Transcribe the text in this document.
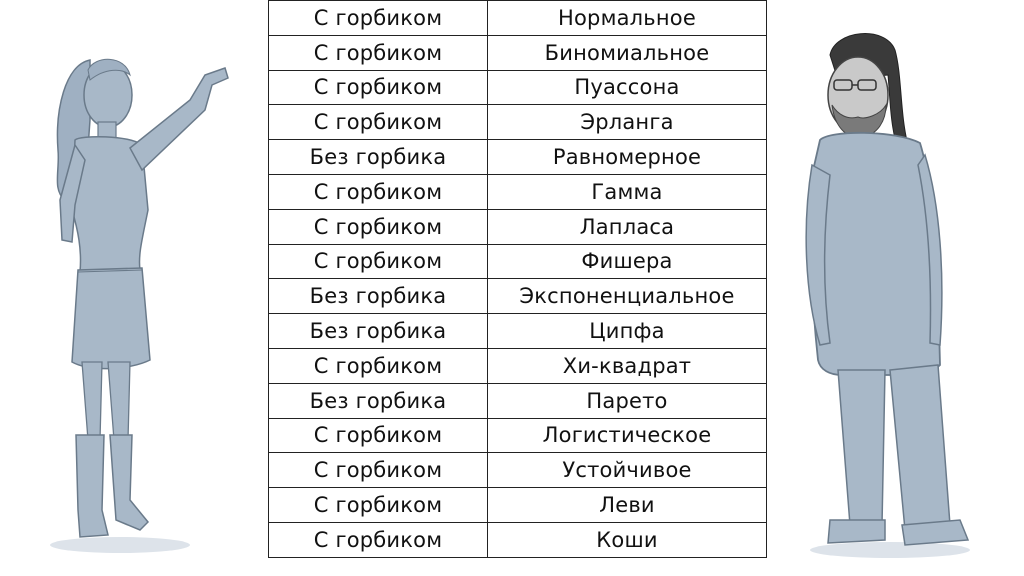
С горбиком	Нормальное
С горбиком	Биномиальное
С горбиком	Пуассона
С горбиком	Эрланга
Без горбика	Равномерное
С горбиком	Гамма
С горбиком	Лапласа
С горбиком	Фишера
Без горбика	Экспоненциальное
Без горбика	Ципфа
С горбиком	Хи-квадрат
Без горбика	Парето
С горбиком	Логистическое
С горбиком	Устойчивое
С горбиком	Леви
С горбиком	Коши
